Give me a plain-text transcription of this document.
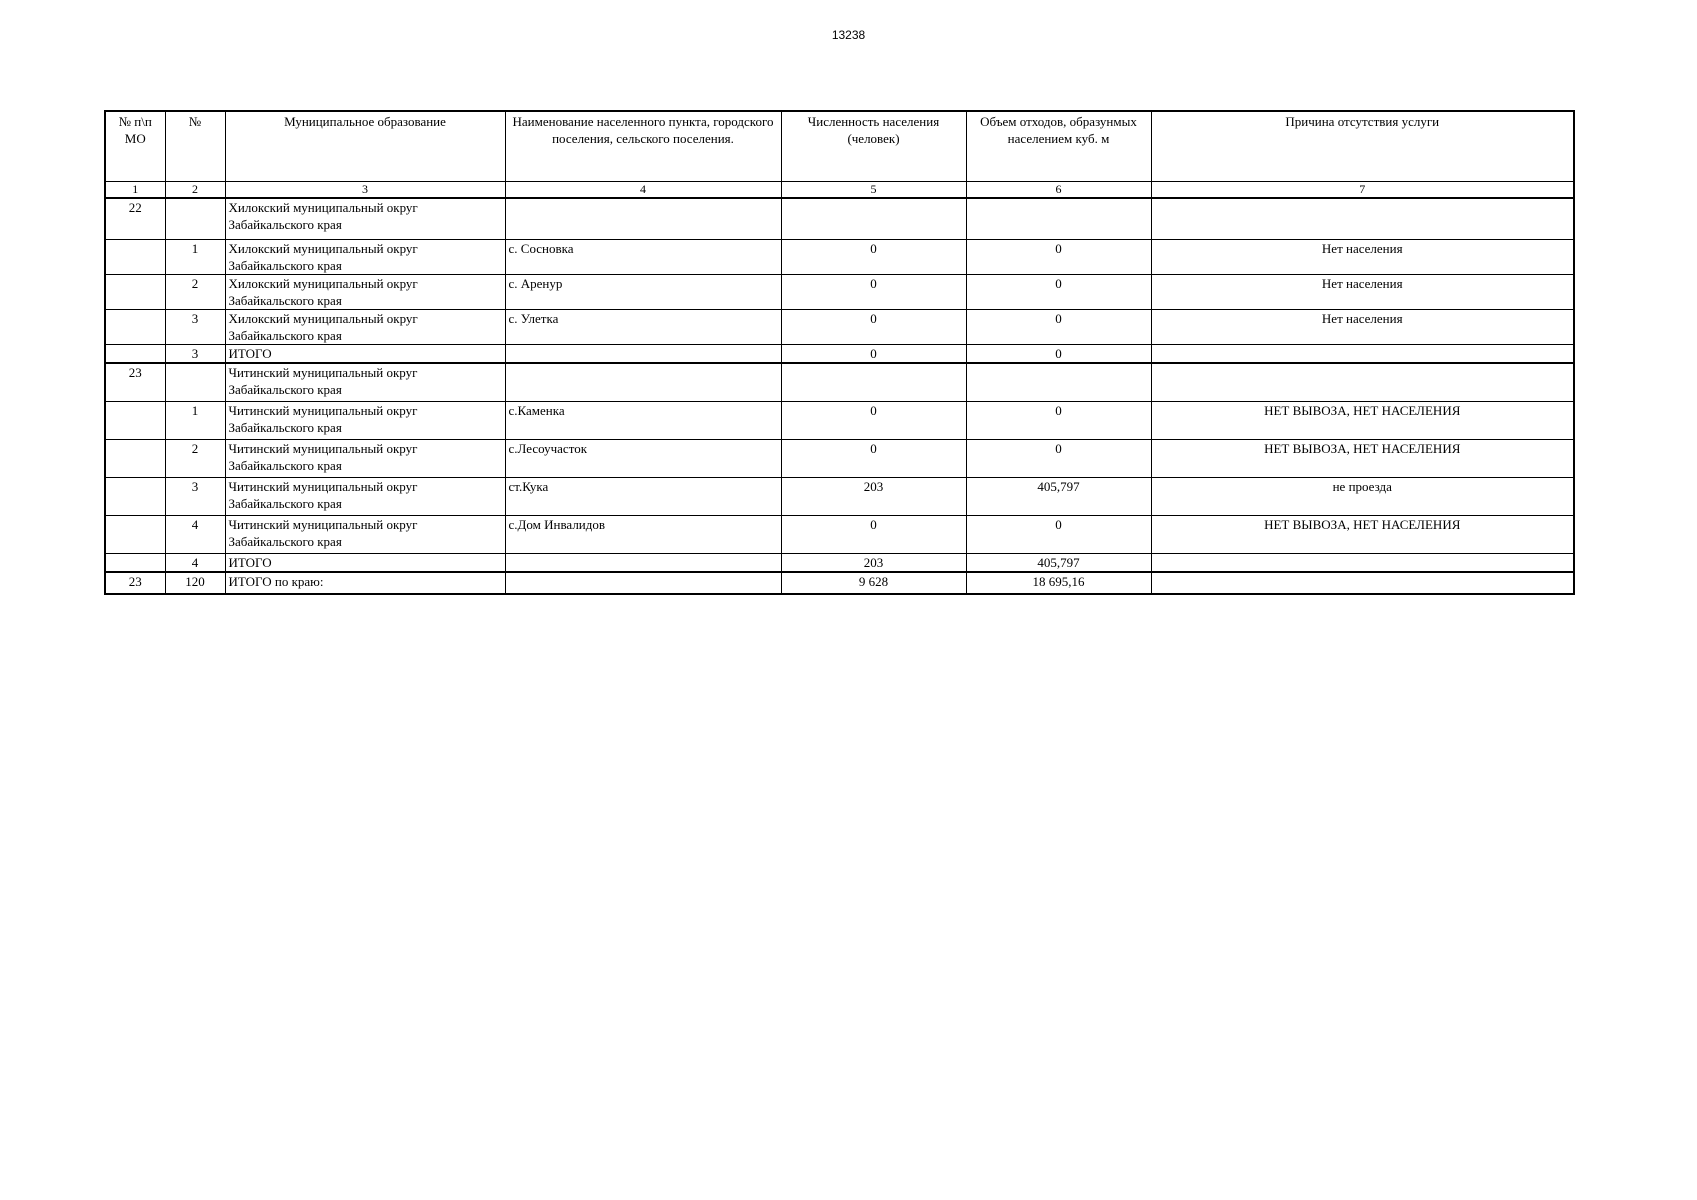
13238
№ п\п МО	№	Муниципальное образование	Наименование населенного пункта, городского поселения, сельского поселения.	Численность населения (человек)	Объем отходов, образунмых населением куб. м	Причина отсутствия услуги
1	2	3	4	5	6	7
22		Хилокский муниципальный округ Забайкальского края				
	1	Хилокский муниципальный округ Забайкальского края	с. Сосновка	0	0	Нет населения
	2	Хилокский муниципальный округ Забайкальского края	с. Аренур	0	0	Нет населения
	3	Хилокский муниципальный округ Забайкальского края	с. Улетка	0	0	Нет населения
	3	ИТОГО		0	0	
23		Читинский муниципальный округ Забайкальского края				
	1	Читинский муниципальный округ Забайкальского края	с.Каменка	0	0	НЕТ ВЫВОЗА, НЕТ НАСЕЛЕНИЯ
	2	Читинский муниципальный округ Забайкальского края	с.Лесоучасток	0	0	НЕТ ВЫВОЗА, НЕТ НАСЕЛЕНИЯ
	3	Читинский муниципальный округ Забайкальского края	ст.Кука	203	405,797	не проезда
	4	Читинский муниципальный округ Забайкальского края	с.Дом Инвалидов	0	0	НЕТ ВЫВОЗА, НЕТ НАСЕЛЕНИЯ
	4	ИТОГО		203	405,797	
23	120	ИТОГО по краю:		9 628	18 695,16	
